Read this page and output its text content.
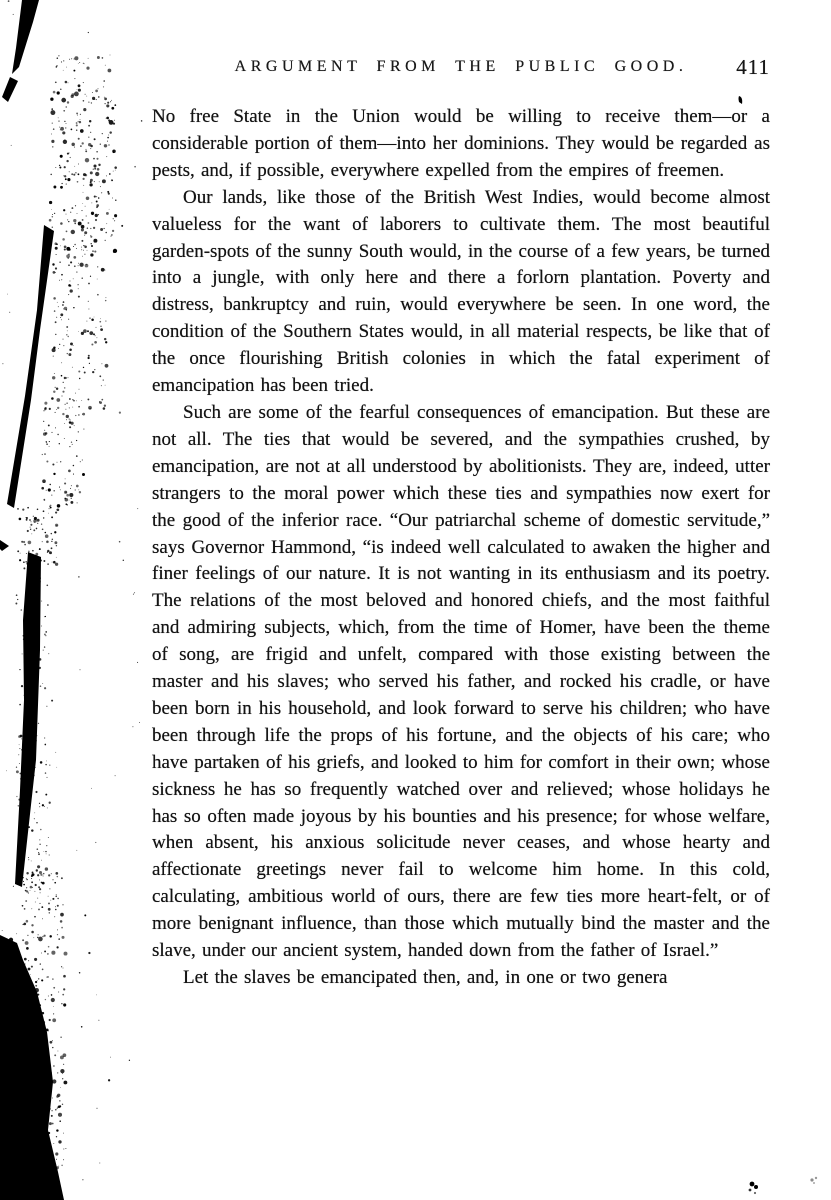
ARGUMENT FROM THE PUBLIC GOOD.	411

No free State in the Union would be willing to receive them—or a considerable portion of them—into her dominions. They would be regarded as pests, and, if possible, everywhere expelled from the empires of freemen.

Our lands, like those of the British West Indies, would become almost valueless for the want of laborers to cultivate them. The most beautiful garden-spots of the sunny South would, in the course of a few years, be turned into a jungle, with only here and there a forlorn plantation. Poverty and distress, bankruptcy and ruin, would everywhere be seen. In one word, the condition of the Southern States would, in all material respects, be like that of the once flourishing British colonies in which the fatal experiment of emancipation has been tried.

Such are some of the fearful consequences of emancipation. But these are not all. The ties that would be severed, and the sympathies crushed, by emancipation, are not at all understood by abolitionists. They are, indeed, utter strangers to the moral power which these ties and sympathies now exert for the good of the inferior race. “Our patriarchal scheme of domestic servitude,” says Governor Hammond, “is indeed well calculated to awaken the higher and finer feelings of our nature. It is not wanting in its enthusiasm and its poetry. The relations of the most beloved and honored chiefs, and the most faithful and admiring subjects, which, from the time of Homer, have been the theme of song, are frigid and unfelt, compared with those existing between the master and his slaves; who served his father, and rocked his cradle, or have been born in his household, and look forward to serve his children; who have been through life the props of his fortune, and the objects of his care; who have partaken of his griefs, and looked to him for comfort in their own; whose sickness he has so frequently watched over and relieved; whose holidays he has so often made joyous by his bounties and his presence; for whose welfare, when absent, his anxious solicitude never ceases, and whose hearty and affectionate greetings never fail to welcome him home. In this cold, calculating, ambitious world of ours, there are few ties more heart-felt, or of more benignant influence, than those which mutually bind the master and the slave, under our ancient system, handed down from the father of Israel.”

Let the slaves be emancipated then, and, in one or two genera
